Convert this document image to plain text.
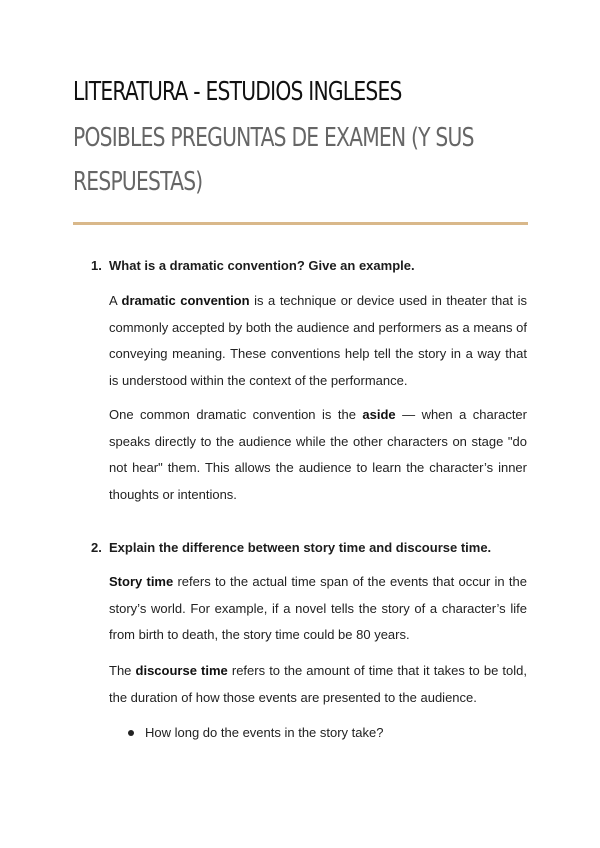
LITERATURA - ESTUDIOS INGLESES
POSIBLES PREGUNTAS DE EXAMEN (Y SUS RESPUESTAS)
1. What is a dramatic convention? Give an example.
A dramatic convention is a technique or device used in theater that is commonly accepted by both the audience and performers as a means of conveying meaning. These conventions help tell the story in a way that is understood within the context of the performance.
One common dramatic convention is the aside — when a character speaks directly to the audience while the other characters on stage "do not hear" them. This allows the audience to learn the character’s inner thoughts or intentions.
2. Explain the difference between story time and discourse time.
Story time refers to the actual time span of the events that occur in the story’s world. For example, if a novel tells the story of a character’s life from birth to death, the story time could be 80 years.
The discourse time refers to the amount of time that it takes to be told, the duration of how those events are presented to the audience.
How long do the events in the story take?
